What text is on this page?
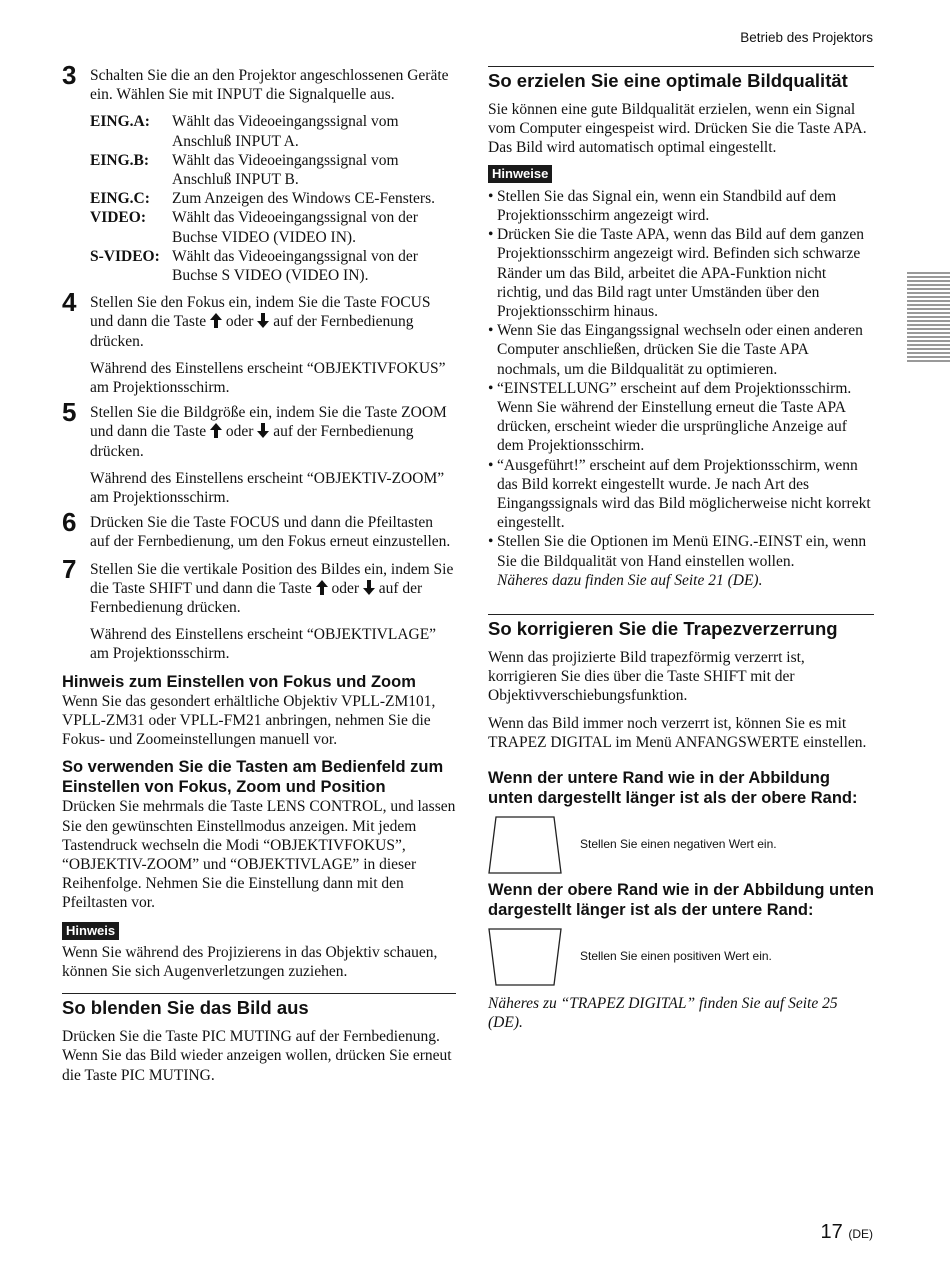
Betrieb des Projektors
3 Schalten Sie die an den Projektor angeschlossenen Geräte ein. Wählen Sie mit INPUT die Signalquelle aus.

EING.A:	Wählt das Videoeingangssignal vom Anschluß INPUT A.
EING.B:	Wählt das Videoeingangssignal vom Anschluß INPUT B.
EING.C:	Zum Anzeigen des Windows CE-Fensters.
VIDEO:	Wählt das Videoeingangssignal von der Buchse VIDEO (VIDEO IN).
S-VIDEO:	Wählt das Videoeingangssignal von der Buchse S VIDEO (VIDEO IN).
4 Stellen Sie den Fokus ein, indem Sie die Taste FOCUS und dann die Taste oder auf der Fernbedienung drücken.

Während des Einstellens erscheint “OBJEKTIVFOKUS” am Projektionsschirm.

5 Stellen Sie die Bildgröße ein, indem Sie die Taste ZOOM und dann die Taste oder auf der Fernbedienung drücken.

Während des Einstellens erscheint “OBJEKTIV-ZOOM” am Projektionsschirm.

6 Drücken Sie die Taste FOCUS und dann die Pfeiltasten auf der Fernbedienung, um den Fokus erneut einzustellen.

7 Stellen Sie die vertikale Position des Bildes ein, indem Sie die Taste SHIFT und dann die Taste oder auf der Fernbedienung drücken.

Während des Einstellens erscheint “OBJEKTIVLAGE” am Projektionsschirm.

Hinweis zum Einstellen von Fokus und Zoom

Wenn Sie das gesondert erhältliche Objektiv VPLL-ZM101, VPLL-ZM31 oder VPLL-FM21 anbringen, nehmen Sie die Fokus- und Zoomeinstellungen manuell vor.

So verwenden Sie die Tasten am Bedienfeld zum Einstellen von Fokus, Zoom und Position

Drücken Sie mehrmals die Taste LENS CONTROL, und lassen Sie den gewünschten Einstellmodus anzeigen. Mit jedem Tastendruck wechseln die Modi “OBJEKTIVFOKUS”, “OBJEKTIV-ZOOM” und “OBJEKTIVLAGE” in dieser Reihenfolge. Nehmen Sie die Einstellung dann mit den Pfeiltasten vor.

Hinweis

Wenn Sie während des Projizierens in das Objektiv schauen, können Sie sich Augenverletzungen zuziehen.

So blenden Sie das Bild aus

Drücken Sie die Taste PIC MUTING auf der Fernbedienung. Wenn Sie das Bild wieder anzeigen wollen, drücken Sie erneut die Taste PIC MUTING.

So erzielen Sie eine optimale Bildqualität

Sie können eine gute Bildqualität erzielen, wenn ein Signal vom Computer eingespeist wird. Drücken Sie die Taste APA.

Das Bild wird automatisch optimal eingestellt.

Hinweise
• Stellen Sie das Signal ein, wenn ein Standbild auf dem Projektionsschirm angezeigt wird.
• Drücken Sie die Taste APA, wenn das Bild auf dem ganzen Projektionsschirm angezeigt wird. Befinden sich schwarze Ränder um das Bild, arbeitet die APA-Funktion nicht richtig, und das Bild ragt unter Umständen über den Projektionsschirm hinaus.
• Wenn Sie das Eingangssignal wechseln oder einen anderen Computer anschließen, drücken Sie die Taste APA nochmals, um die Bildqualität zu optimieren.
• “EINSTELLUNG” erscheint auf dem Projektionsschirm. Wenn Sie während der Einstellung erneut die Taste APA drücken, erscheint wieder die ursprüngliche Anzeige auf dem Projektionsschirm.
• “Ausgeführt!” erscheint auf dem Projektionsschirm, wenn das Bild korrekt eingestellt wurde. Je nach Art des Eingangssignals wird das Bild möglicherweise nicht korrekt eingestellt.
• Stellen Sie die Optionen im Menü EING.-EINST ein, wenn Sie die Bildqualität von Hand einstellen wollen.

Näheres dazu finden Sie auf Seite 21 (DE).

So korrigieren Sie die Trapezverzerrung

Wenn das projizierte Bild trapezförmig verzerrt ist, korrigieren Sie dies über die Taste SHIFT mit der Objektivverschiebungsfunktion.

Wenn das Bild immer noch verzerrt ist, können Sie es mit TRAPEZ DIGITAL im Menü ANFANGSWERTE einstellen.

Wenn der untere Rand wie in der Abbildung unten dargestellt länger ist als der obere Rand:
Stellen Sie einen negativen Wert ein.
Wenn der obere Rand wie in der Abbildung unten dargestellt länger ist als der untere Rand:
Stellen Sie einen positiven Wert ein.

Näheres zu “TRAPEZ DIGITAL” finden Sie auf Seite 25 (DE).

17 (DE)
